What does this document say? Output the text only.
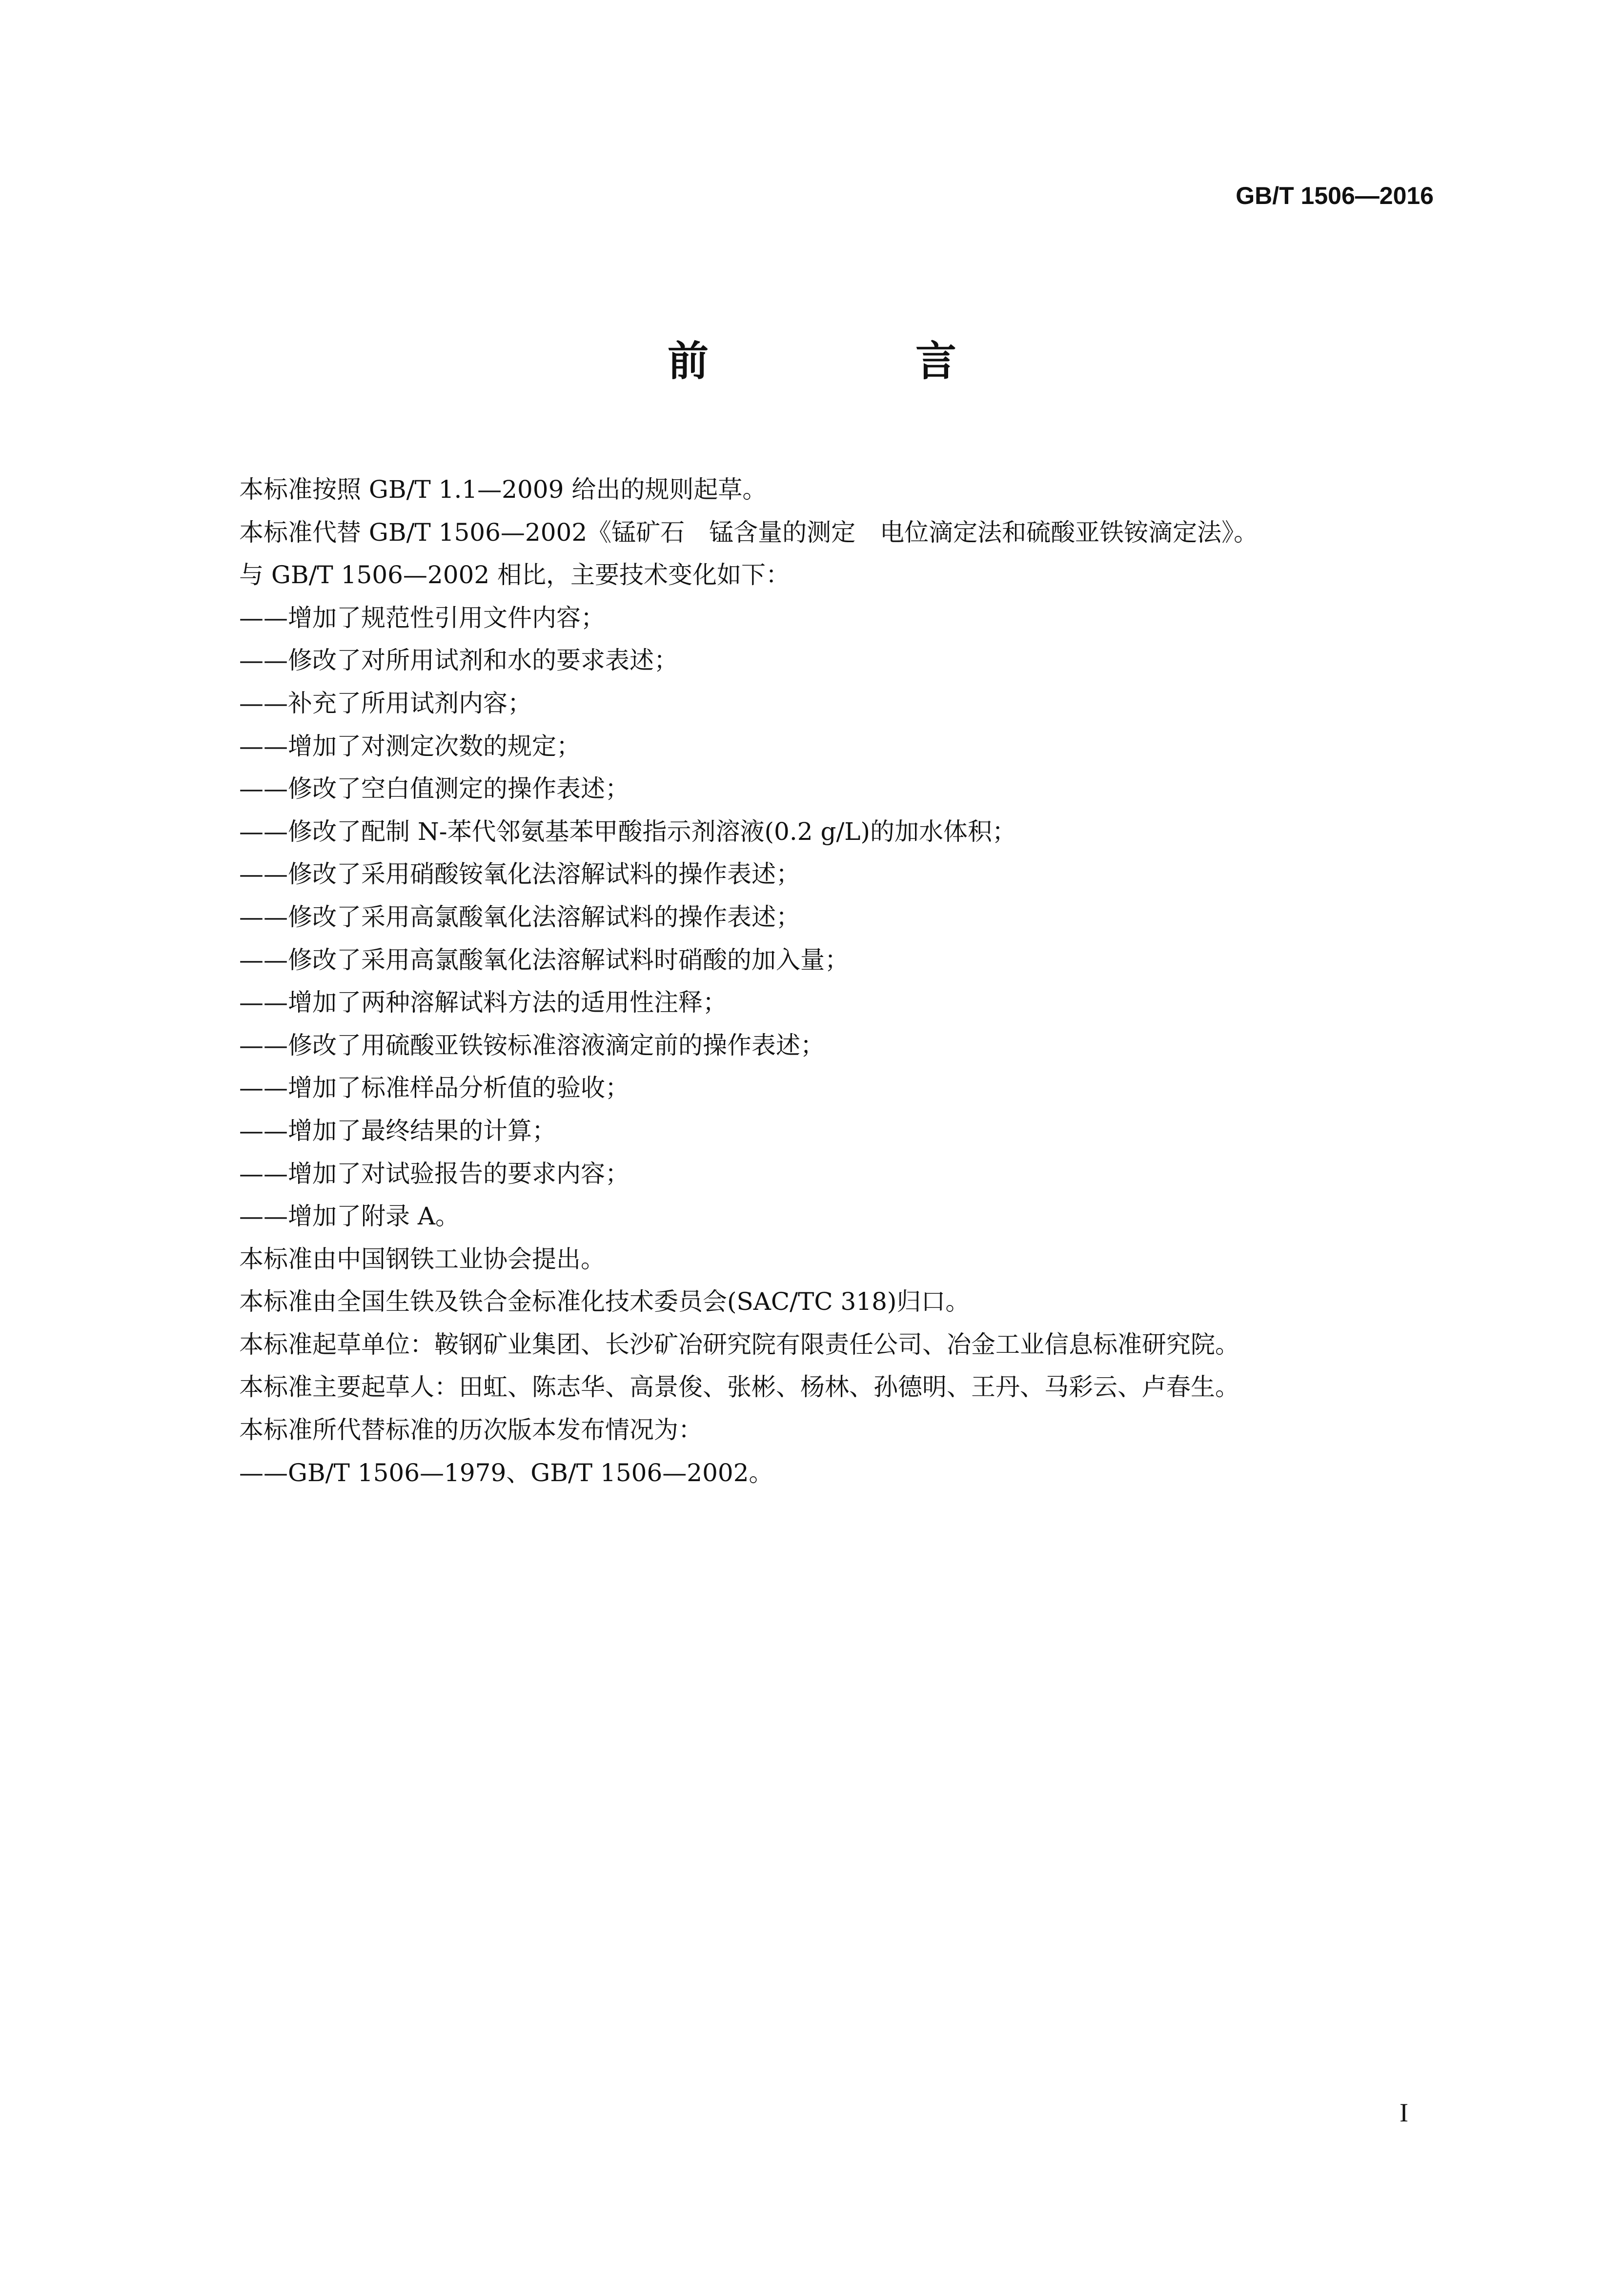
GB/T 1506—2016
前　言
本标准按照 GB/T 1.1—2009 给出的规则起草。
本标准代替 GB/T 1506—2002《锰矿石　锰含量的测定　电位滴定法和硫酸亚铁铵滴定法》。
与 GB/T 1506—2002 相比，主要技术变化如下：
——增加了规范性引用文件内容；
——修改了对所用试剂和水的要求表述；
——补充了所用试剂内容；
——增加了对测定次数的规定；
——修改了空白值测定的操作表述；
——修改了配制 N-苯代邻氨基苯甲酸指示剂溶液(0.2 g/L)的加水体积；
——修改了采用硝酸铵氧化法溶解试料的操作表述；
——修改了采用高氯酸氧化法溶解试料的操作表述；
——修改了采用高氯酸氧化法溶解试料时硝酸的加入量；
——增加了两种溶解试料方法的适用性注释；
——修改了用硫酸亚铁铵标准溶液滴定前的操作表述；
——增加了标准样品分析值的验收；
——增加了最终结果的计算；
——增加了对试验报告的要求内容；
——增加了附录 A。
本标准由中国钢铁工业协会提出。
本标准由全国生铁及铁合金标准化技术委员会(SAC/TC 318)归口。
本标准起草单位：鞍钢矿业集团、长沙矿冶研究院有限责任公司、冶金工业信息标准研究院。
本标准主要起草人：田虹、陈志华、高景俊、张彬、杨林、孙德明、王丹、马彩云、卢春生。
本标准所代替标准的历次版本发布情况为：
——GB/T 1506—1979、GB/T 1506—2002。
I
